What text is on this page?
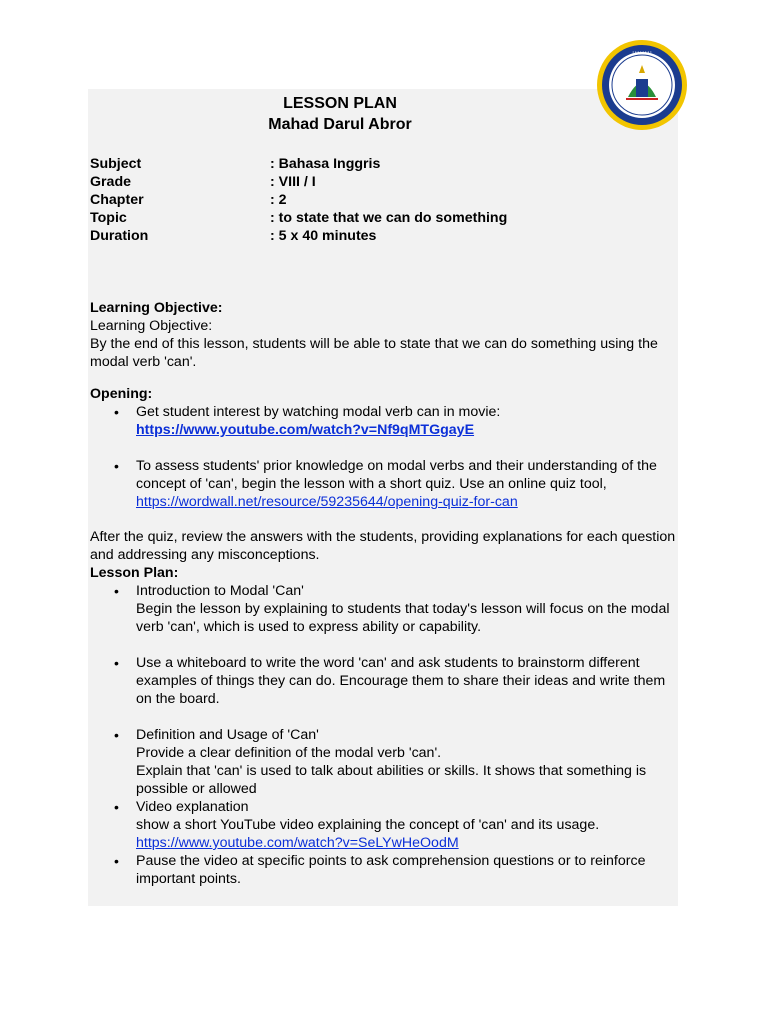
• • • • • • • •
LESSON PLAN
Mahad Darul Abror
Subject	: Bahasa Inggris
Grade	: VIII / I
Chapter	: 2
Topic	: to state that we can do something
Duration	: 5 x 40 minutes
Learning Objective:
Learning Objective:
By the end of this lesson, students will be able to state that we can do something using the modal verb 'can'.
Opening:
• Get student interest by watching modal verb can in movie:
https://www.youtube.com/watch?v=Nf9qMTGgayE
• To assess students' prior knowledge on modal verbs and their understanding of the concept of 'can', begin the lesson with a short quiz. Use an online quiz tool,
https://wordwall.net/resource/59235644/opening-quiz-for-can
After the quiz, review the answers with the students, providing explanations for each question and addressing any misconceptions.
Lesson Plan:
• Introduction to Modal 'Can'
Begin the lesson by explaining to students that today's lesson will focus on the modal verb 'can', which is used to express ability or capability.
• Use a whiteboard to write the word 'can' and ask students to brainstorm different examples of things they can do. Encourage them to share their ideas and write them on the board.
• Definition and Usage of 'Can'
Provide a clear definition of the modal verb 'can'.
Explain that 'can' is used to talk about abilities or skills. It shows that something is possible or allowed
• Video explanation
show a short YouTube video explaining the concept of 'can' and its usage.
https://www.youtube.com/watch?v=SeLYwHeOodM
• Pause the video at specific points to ask comprehension questions or to reinforce important points.
